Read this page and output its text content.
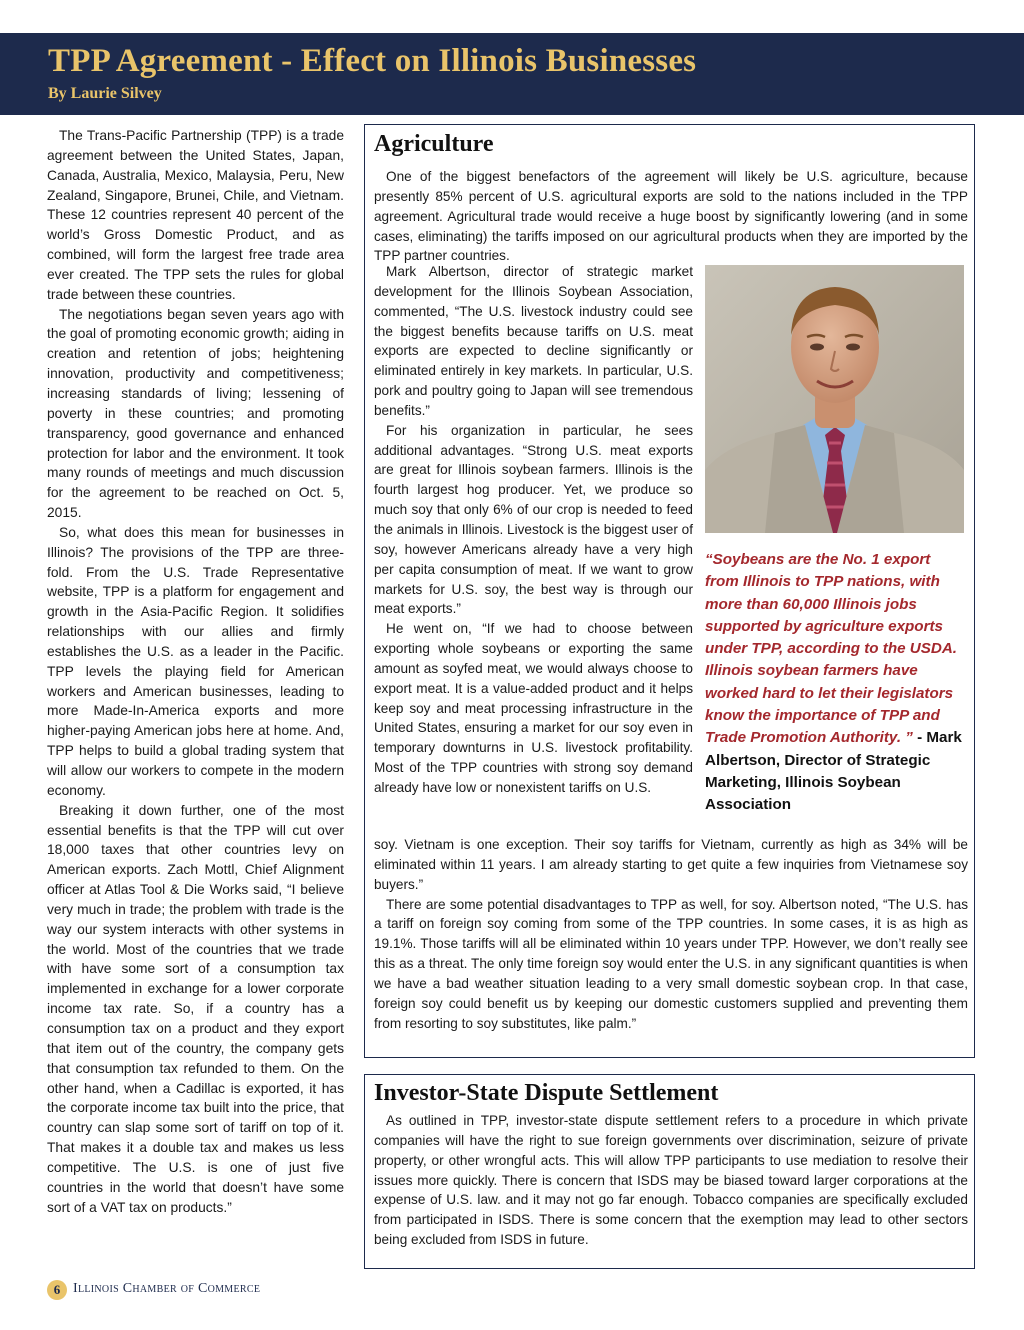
TPP Agreement - Effect on Illinois Businesses
By Laurie Silvey

The Trans-Pacific Partnership (TPP) is a trade agreement between the United States, Japan, Canada, Australia, Mexico, Malaysia, Peru, New Zealand, Singapore, Brunei, Chile, and Vietnam. These 12 countries represent 40 percent of the world’s Gross Domestic Product, and as combined, will form the largest free trade area ever created. The TPP sets the rules for global trade between these countries.

The negotiations began seven years ago with the goal of promoting economic growth; aiding in creation and retention of jobs; heightening innovation, productivity and competitiveness; increasing standards of living; lessening of poverty in these countries; and promoting transparency, good governance and enhanced protection for labor and the environment. It took many rounds of meetings and much discussion for the agreement to be reached on Oct. 5, 2015.

So, what does this mean for businesses in Illinois? The provisions of the TPP are three-fold. From the U.S. Trade Representative website, TPP is a platform for engagement and growth in the Asia-Pacific Region. It solidifies relationships with our allies and firmly establishes the U.S. as a leader in the Pacific. TPP levels the playing field for American workers and American businesses, leading to more Made-In-America exports and more higher-paying American jobs here at home. And, TPP helps to build a global trading system that will allow our workers to compete in the modern economy.

Breaking it down further, one of the most essential benefits is that the TPP will cut over 18,000 taxes that other countries levy on American exports. Zach Mottl, Chief Alignment officer at Atlas Tool & Die Works said, “I believe very much in trade; the problem with trade is the way our system interacts with other systems in the world. Most of the countries that we trade with have some sort of a consumption tax implemented in exchange for a lower corporate income tax rate. So, if a country has a consumption tax on a product and they export that item out of the country, the company gets that consumption tax refunded to them. On the other hand, when a Cadillac is exported, it has the corporate income tax built into the price, that country can slap some sort of tariff on top of it. That makes it a double tax and makes us less competitive. The U.S. is one of just five countries in the world that doesn’t have some sort of a VAT tax on products.”

Agriculture

One of the biggest benefactors of the agreement will likely be U.S. agriculture, because presently 85% percent of U.S. agricultural exports are sold to the nations included in the TPP agreement. Agricultural trade would receive a huge boost by significantly lowering (and in some cases, eliminating) the tariffs imposed on our agricultural products when they are imported by the TPP partner countries.

Mark Albertson, director of strategic market development for the Illinois Soybean Association, commented, “The U.S. livestock industry could see the biggest benefits because tariffs on U.S. meat exports are expected to decline significantly or eliminated entirely in key markets. In particular, U.S. pork and poultry going to Japan will see tremendous benefits.”

For his organization in particular, he sees additional advantages. “Strong U.S. meat exports are great for Illinois soybean farmers. Illinois is the fourth largest hog producer. Yet, we produce so much soy that only 6% of our crop is needed to feed the animals in Illinois. Livestock is the biggest user of soy, however Americans already have a very high per capita consumption of meat. If we want to grow markets for U.S. soy, the best way is through our meat exports.”

He went on, “If we had to choose between exporting whole soybeans or exporting the same amount as soyfed meat, we would always choose to export meat. It is a value-added product and it helps keep soy and meat processing infrastructure in the United States, ensuring a market for our soy even in temporary downturns in U.S. livestock profitability. Most of the TPP countries with strong soy demand already have low or nonexistent tariffs on U.S.

“Soybeans are the No. 1 export from Illinois to TPP nations, with more than 60,000 Illinois jobs supported by agriculture exports under TPP, according to the USDA. Illinois soybean farmers have worked hard to let their legislators know the importance of TPP and Trade Promotion Authority. ” - Mark Albertson, Director of Strategic Marketing, Illinois Soybean Association

soy. Vietnam is one exception. Their soy tariffs for Vietnam, currently as high as 34% will be eliminated within 11 years. I am already starting to get quite a few inquiries from Vietnamese soy buyers.”

There are some potential disadvantages to TPP as well, for soy. Albertson noted, “The U.S. has a tariff on foreign soy coming from some of the TPP countries. In some cases, it is as high as 19.1%. Those tariffs will all be eliminated within 10 years under TPP. However, we don’t really see this as a threat. The only time foreign soy would enter the U.S. in any significant quantities is when we have a bad weather situation leading to a very small domestic soybean crop. In that case, foreign soy could benefit us by keeping our domestic customers supplied and preventing them from resorting to soy substitutes, like palm.”

Investor-State Dispute Settlement

As outlined in TPP, investor-state dispute settlement refers to a procedure in which private companies will have the right to sue foreign governments over discrimination, seizure of private property, or other wrongful acts. This will allow TPP participants to use mediation to resolve their issues more quickly. There is concern that ISDS may be biased toward larger corporations at the expense of U.S. law. and it may not go far enough. Tobacco companies are specifically excluded from participated in ISDS. There is some concern that the exemption may lead to other sectors being excluded from ISDS in future.

6 Illinois Chamber of Commerce
